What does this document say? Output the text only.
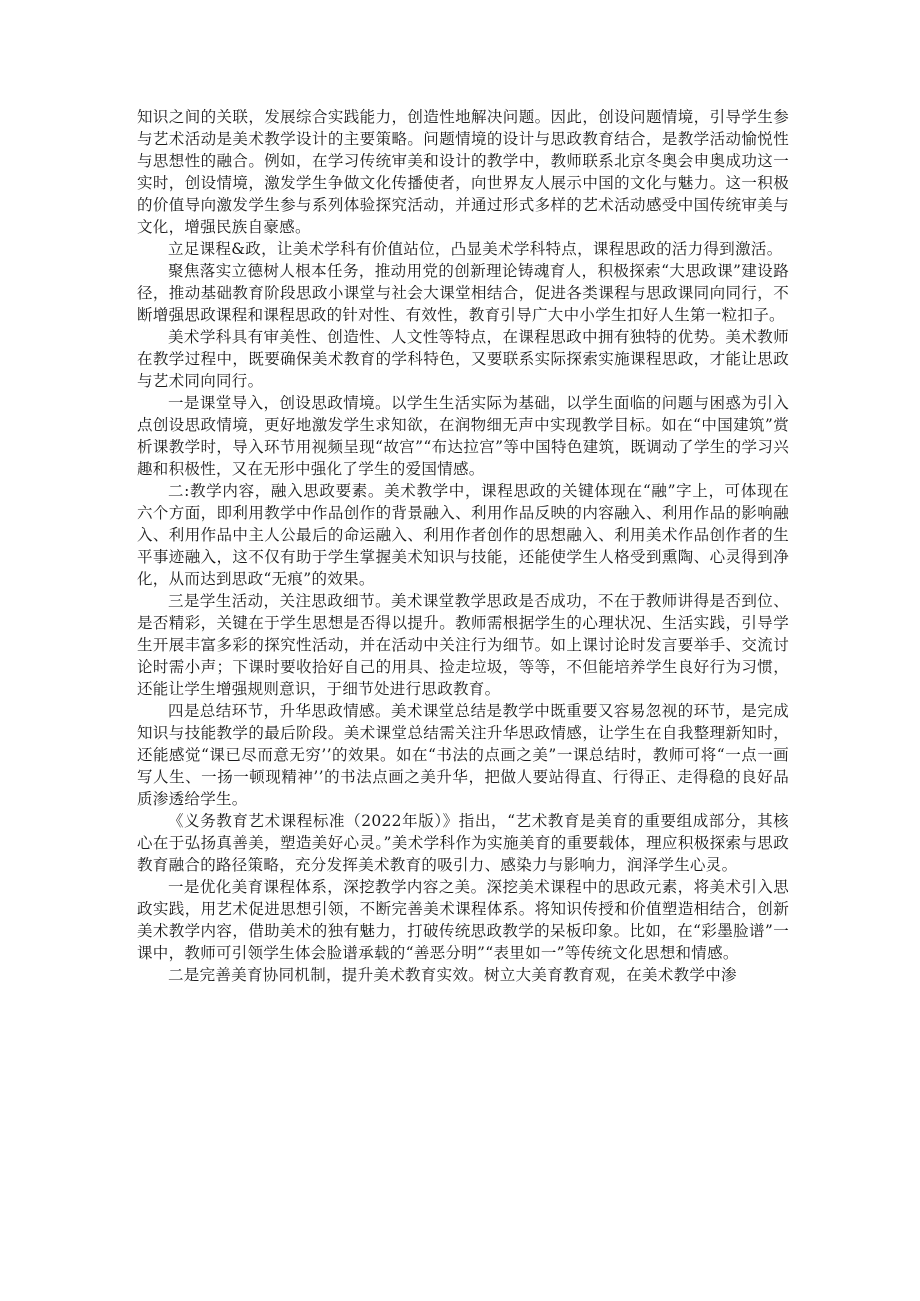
知识之间的关联，发展综合实践能力，创造性地解决问题。因此，创设问题情境，引导学生参与艺术活动是美术教学设计的主要策略。问题情境的设计与思政教育结合，是教学活动愉悦性与思想性的融合。例如，在学习传统审美和设计的教学中，教师联系北京冬奥会申奥成功这一实时，创设情境，激发学生争做文化传播使者，向世界友人展示中国的文化与魅力。这一积极的价值导向激发学生参与系列体验探究活动，并通过形式多样的艺术活动感受中国传统审美与文化，增强民族自豪感。

立足课程&政，让美术学科有价值站位，凸显美术学科特点，课程思政的活力得到激活。

聚焦落实立德树人根本任务，推动用党的创新理论铸魂育人，积极探索“大思政课”建设路径，推动基础教育阶段思政小课堂与社会大课堂相结合，促进各类课程与思政课同向同行，不断增强思政课程和课程思政的针对性、有效性，教育引导广大中小学生扣好人生第一粒扣子。

美术学科具有审美性、创造性、人文性等特点，在课程思政中拥有独特的优势。美术教师在教学过程中，既要确保美术教育的学科特色，又要联系实际探索实施课程思政，才能让思政与艺术同向同行。

一是课堂导入，创设思政情境。以学生生活实际为基础，以学生面临的问题与困惑为引入点创设思政情境，更好地激发学生求知欲，在润物细无声中实现教学目标。如在“中国建筑”赏析课教学时，导入环节用视频呈现“故宫”“布达拉宫”等中国特色建筑，既调动了学生的学习兴趣和积极性，又在无形中强化了学生的爱国情感。

二:教学内容，融入思政要素。美术教学中，课程思政的关键体现在“融”字上，可体现在六个方面，即利用教学中作品创作的背景融入、利用作品反映的内容融入、利用作品的影响融入、利用作品中主人公最后的命运融入、利用作者创作的思想融入、利用美术作品创作者的生平事迹融入，这不仅有助于学生掌握美术知识与技能，还能使学生人格受到熏陶、心灵得到净化，从而达到思政“无痕”的效果。

三是学生活动，关注思政细节。美术课堂教学思政是否成功，不在于教师讲得是否到位、是否精彩，关键在于学生思想是否得以提升。教师需根据学生的心理状况、生活实践，引导学生开展丰富多彩的探究性活动，并在活动中关注行为细节。如上课讨论时发言要举手、交流讨论时需小声；下课时要收拾好自己的用具、捡走垃圾，等等，不但能培养学生良好行为习惯，还能让学生增强规则意识，于细节处进行思政教育。

四是总结环节，升华思政情感。美术课堂总结是教学中既重要又容易忽视的环节，是完成知识与技能教学的最后阶段。美术课堂总结需关注升华思政情感，让学生在自我整理新知时，还能感觉“课已尽而意无穷’’的效果。如在“书法的点画之美”一课总结时，教师可将“一点一画写人生、一扬一顿现精神’’的书法点画之美升华，把做人要站得直、行得正、走得稳的良好品质渗透给学生。

《义务教育艺术课程标准（2022年版）》指出，“艺术教育是美育的重要组成部分，其核心在于弘扬真善美，塑造美好心灵。”美术学科作为实施美育的重要载体，理应积极探索与思政教育融合的路径策略，充分发挥美术教育的吸引力、感染力与影响力，润泽学生心灵。

一是优化美育课程体系，深挖教学内容之美。深挖美术课程中的思政元素，将美术引入思政实践，用艺术促进思想引领，不断完善美术课程体系。将知识传授和价值塑造相结合，创新美术教学内容，借助美术的独有魅力，打破传统思政教学的呆板印象。比如，在“彩墨脸谱”一课中，教师可引领学生体会脸谱承载的“善恶分明”“表里如一”等传统文化思想和情感。

二是完善美育协同机制，提升美术教育实效。树立大美育教育观，在美术教学中渗
